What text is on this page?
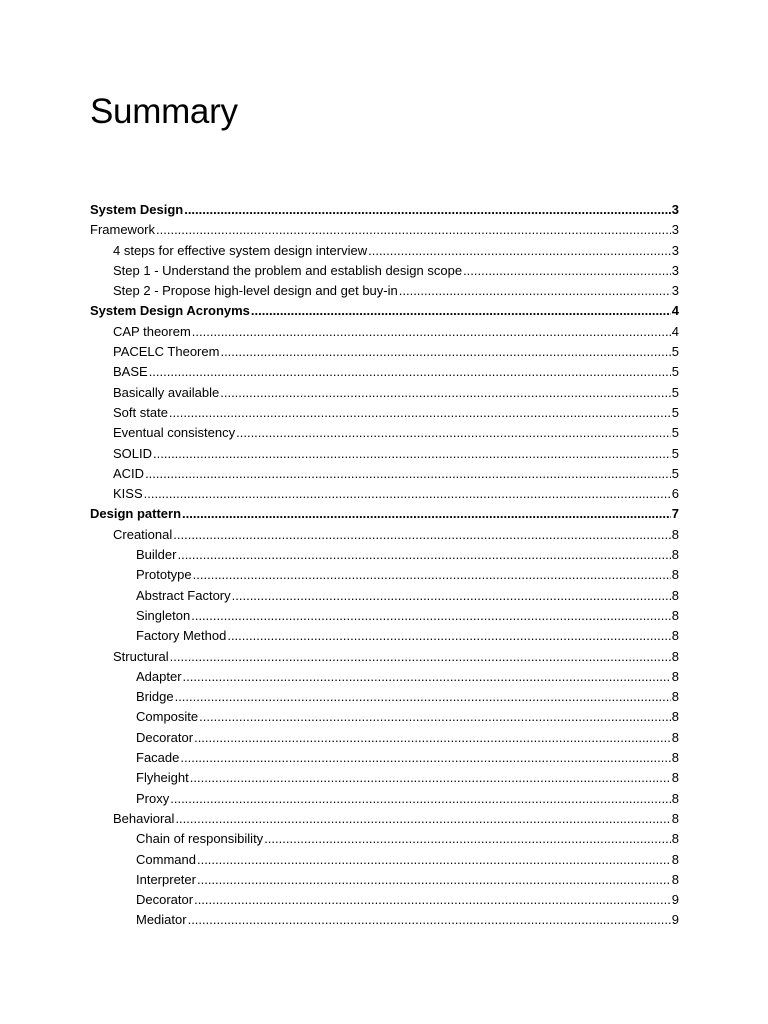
Summary
System Design .....	3
Framework .....	3
4 steps for effective system design interview .....	3
Step 1 - Understand the problem and establish design scope .....	3
Step 2 - Propose high-level design and get buy-in .....	3
System Design Acronyms .....	4
CAP theorem .....	4
PACELC Theorem .....	5
BASE .....	5
Basically available .....	5
Soft state .....	5
Eventual consistency .....	5
SOLID .....	5
ACID .....	5
KISS .....	6
Design pattern .....	7
Creational .....	8
Builder .....	8
Prototype .....	8
Abstract Factory .....	8
Singleton .....	8
Factory Method .....	8
Structural .....	8
Adapter .....	8
Bridge .....	8
Composite .....	8
Decorator .....	8
Facade .....	8
Flyheight .....	8
Proxy .....	8
Behavioral .....	8
Chain of responsibility .....	8
Command .....	8
Interpreter .....	8
Decorator .....	9
Mediator .....	9
